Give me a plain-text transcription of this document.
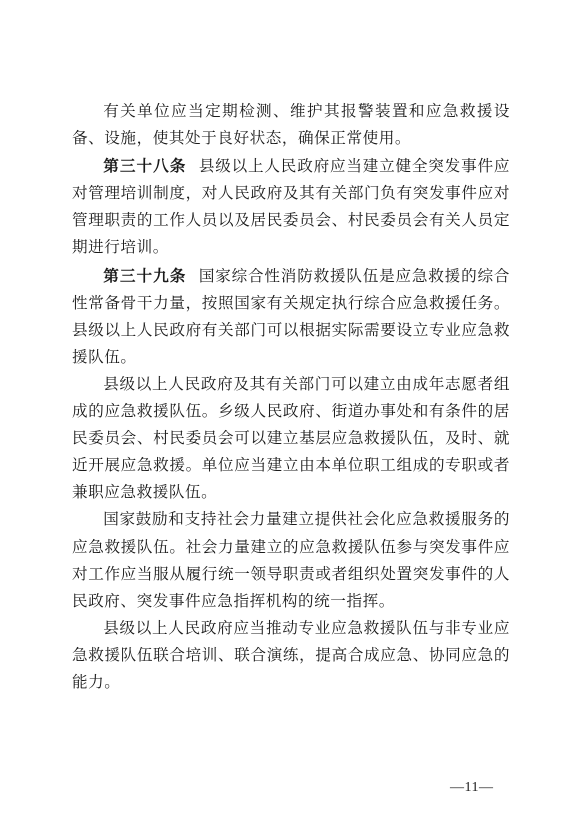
有关单位应当定期检测、维护其报警装置和应急救援设备、设施，使其处于良好状态，确保正常使用。

第三十八条 县级以上人民政府应当建立健全突发事件应对管理培训制度，对人民政府及其有关部门负有突发事件应对管理职责的工作人员以及居民委员会、村民委员会有关人员定期进行培训。

第三十九条 国家综合性消防救援队伍是应急救援的综合性常备骨干力量，按照国家有关规定执行综合应急救援任务。县级以上人民政府有关部门可以根据实际需要设立专业应急救援队伍。

县级以上人民政府及其有关部门可以建立由成年志愿者组成的应急救援队伍。乡级人民政府、街道办事处和有条件的居民委员会、村民委员会可以建立基层应急救援队伍，及时、就近开展应急救援。单位应当建立由本单位职工组成的专职或者兼职应急救援队伍。

国家鼓励和支持社会力量建立提供社会化应急救援服务的应急救援队伍。社会力量建立的应急救援队伍参与突发事件应对工作应当服从履行统一领导职责或者组织处置突发事件的人民政府、突发事件应急指挥机构的统一指挥。

县级以上人民政府应当推动专业应急救援队伍与非专业应急救援队伍联合培训、联合演练，提高合成应急、协同应急的能力。

—11—
